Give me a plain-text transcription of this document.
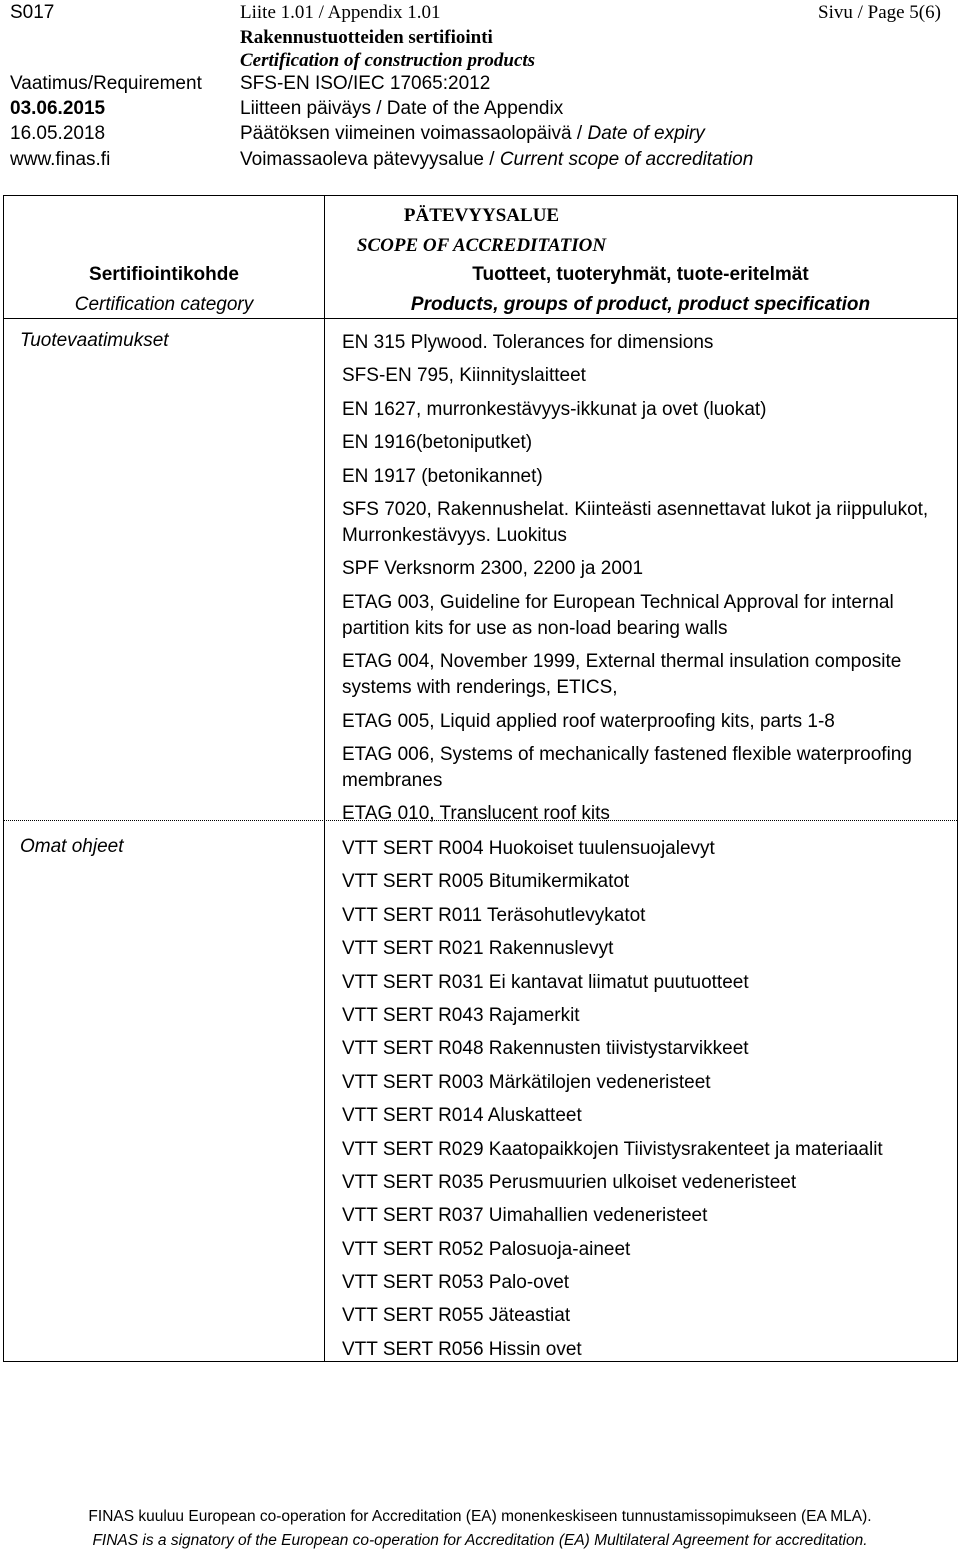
S017	Liite 1.01 / Appendix 1.01	Sivu / Page 5(6)
Rakennustuotteiden sertifiointi
Certification of construction products
Vaatimus/Requirement SFS-EN ISO/IEC 17065:2012
03.06.2015	Liitteen päiväys / Date of the Appendix
16.05.2018	Päätöksen viimeinen voimassaolopäivä / Date of expiry
www.finas.fi	Voimassaoleva pätevyysalue / Current scope of accreditation
PÄTEVYYSALUE
SCOPE OF ACCREDITATION
Sertifiointikohde
Certification category
Tuotteet, tuoteryhmät, tuote-eritelmät
Products, groups of product, product specification
Tuotevaatimukset	EN 315 Plywood. Tolerances for dimensions
SFS-EN 795, Kiinnityslaitteet
EN 1627, murronkestävyys-ikkunat ja ovet (luokat)
EN 1916(betoniputket)
EN 1917 (betonikannet)
SFS 7020, Rakennushelat. Kiinteästi asennettavat lukot ja riippulukot, Murronkestävyys. Luokitus
SPF Verksnorm 2300, 2200 ja 2001
ETAG 003, Guideline for European Technical Approval for internal partition kits for use as non-load bearing walls
ETAG 004, November 1999, External thermal insulation composite systems with renderings, ETICS,
ETAG 005, Liquid applied roof waterproofing kits, parts 1-8
ETAG 006, Systems of mechanically fastened flexible waterproofing membranes
ETAG 010, Translucent roof kits
Omat ohjeet	VTT SERT R004 Huokoiset tuulensuojalevyt
VTT SERT R005 Bitumikermikatot
VTT SERT R011 Teräsohutlevykatot
VTT SERT R021 Rakennuslevyt
VTT SERT R031 Ei kantavat liimatut puutuotteet
VTT SERT R043 Rajamerkit
VTT SERT R048 Rakennusten tiivistystarvikkeet
VTT SERT R003 Märkätilojen vedeneristeet
VTT SERT R014 Aluskatteet
VTT SERT R029 Kaatopaikkojen Tiivistysrakenteet ja materiaalit
VTT SERT R035 Perusmuurien ulkoiset vedeneristeet
VTT SERT R037 Uimahallien vedeneristeet
VTT SERT R052 Palosuoja-aineet
VTT SERT R053 Palo-ovet
VTT SERT R055 Jäteastiat
VTT SERT R056 Hissin ovet
FINAS kuuluu European co-operation for Accreditation (EA) monenkeskiseen tunnustamissopimukseen (EA MLA).
FINAS is a signatory of the European co-operation for Accreditation (EA) Multilateral Agreement for accreditation.
